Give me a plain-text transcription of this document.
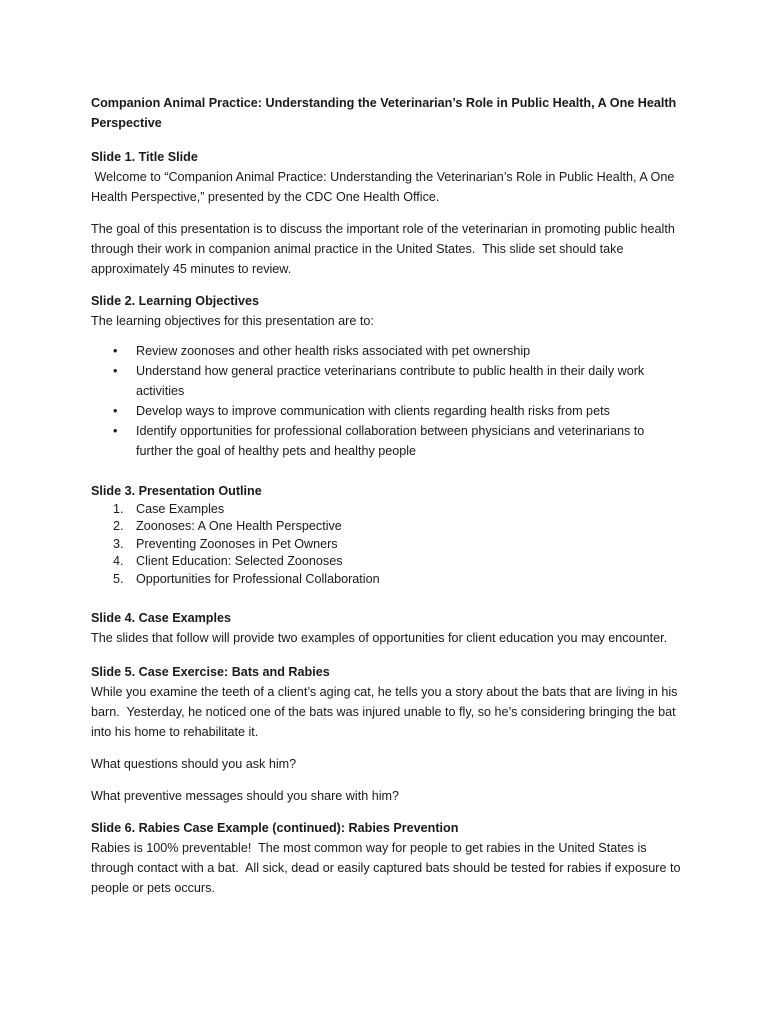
Companion Animal Practice: Understanding the Veterinarian’s Role in Public Health, A One Health Perspective
Slide 1. Title Slide
Welcome to “Companion Animal Practice: Understanding the Veterinarian’s Role in Public Health, A One Health Perspective,” presented by the CDC One Health Office.
The goal of this presentation is to discuss the important role of the veterinarian in promoting public health through their work in companion animal practice in the United States.  This slide set should take approximately 45 minutes to review.
Slide 2. Learning Objectives
The learning objectives for this presentation are to:
• Review zoonoses and other health risks associated with pet ownership
• Understand how general practice veterinarians contribute to public health in their daily work activities
• Develop ways to improve communication with clients regarding health risks from pets
• Identify opportunities for professional collaboration between physicians and veterinarians to further the goal of healthy pets and healthy people
Slide 3. Presentation Outline
1. Case Examples
2. Zoonoses: A One Health Perspective
3. Preventing Zoonoses in Pet Owners
4. Client Education: Selected Zoonoses
5. Opportunities for Professional Collaboration
Slide 4. Case Examples
The slides that follow will provide two examples of opportunities for client education you may encounter.
Slide 5. Case Exercise: Bats and Rabies
While you examine the teeth of a client’s aging cat, he tells you a story about the bats that are living in his barn.  Yesterday, he noticed one of the bats was injured unable to fly, so he’s considering bringing the bat into his home to rehabilitate it.
What questions should you ask him?
What preventive messages should you share with him?
Slide 6. Rabies Case Example (continued): Rabies Prevention
Rabies is 100% preventable!  The most common way for people to get rabies in the United States is through contact with a bat.  All sick, dead or easily captured bats should be tested for rabies if exposure to people or pets occurs.
